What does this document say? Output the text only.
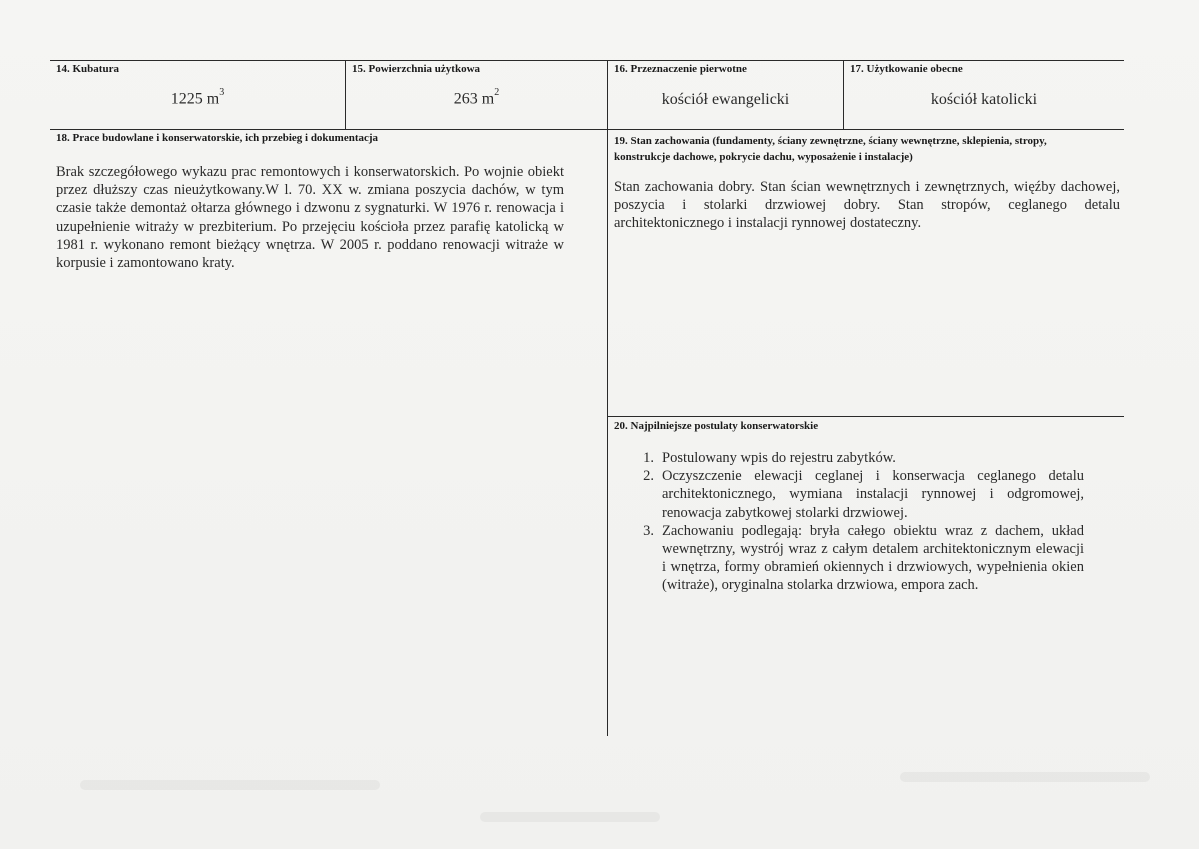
14. Kubatura
1225 $m^3$
15. Powierzchnia użytkowa
263 $m^2$
16. Przeznaczenie pierwotne
kościół ewangelicki
17. Użytkowanie obecne
kościół katolicki
18. Prace budowlane i konserwatorskie, ich przebieg i dokumentacja
Brak szczegółowego wykazu prac remontowych i konserwatorskich. Po wojnie obiekt przez dłuższy czas nieużytkowany.W l. 70. XX w. zmiana poszycia dachów, w tym czasie także demontaż ołtarza głównego i dzwonu z sygnaturki. W 1976 r. renowacja i uzupełnienie witraży w prezbiterium. Po przejęciu kościoła przez parafię katolicką w 1981 r. wykonano remont bieżący wnętrza. W 2005 r. poddano renowacji witraże w korpusie i zamontowano kraty.
19. Stan zachowania (fundamenty, ściany zewnętrzne, ściany wewnętrzne, sklepienia, stropy,
konstrukcje dachowe, pokrycie dachu, wyposażenie i instalacje)
Stan zachowania dobry. Stan ścian wewnętrznych i zewnętrznych, więźby dachowej, poszycia i stolarki drzwiowej dobry. Stan stropów, ceglanego detalu architektonicznego i instalacji rynnowej dostateczny.
20. Najpilniejsze postulaty konserwatorskie
1. Postulowany wpis do rejestru zabytków.
2. Oczyszczenie elewacji ceglanej i konserwacja ceglanego detalu architektonicznego, wymiana instalacji rynnowej i odgromowej, renowacja zabytkowej stolarki drzwiowej.
3. Zachowaniu podlegają: bryła całego obiektu wraz z dachem, układ wewnętrzny, wystrój wraz z całym detalem architektonicznym elewacji i wnętrza, formy obramień okiennych i drzwiowych, wypełnienia okien (witraże), oryginalna stolarka drzwiowa, empora zach.
